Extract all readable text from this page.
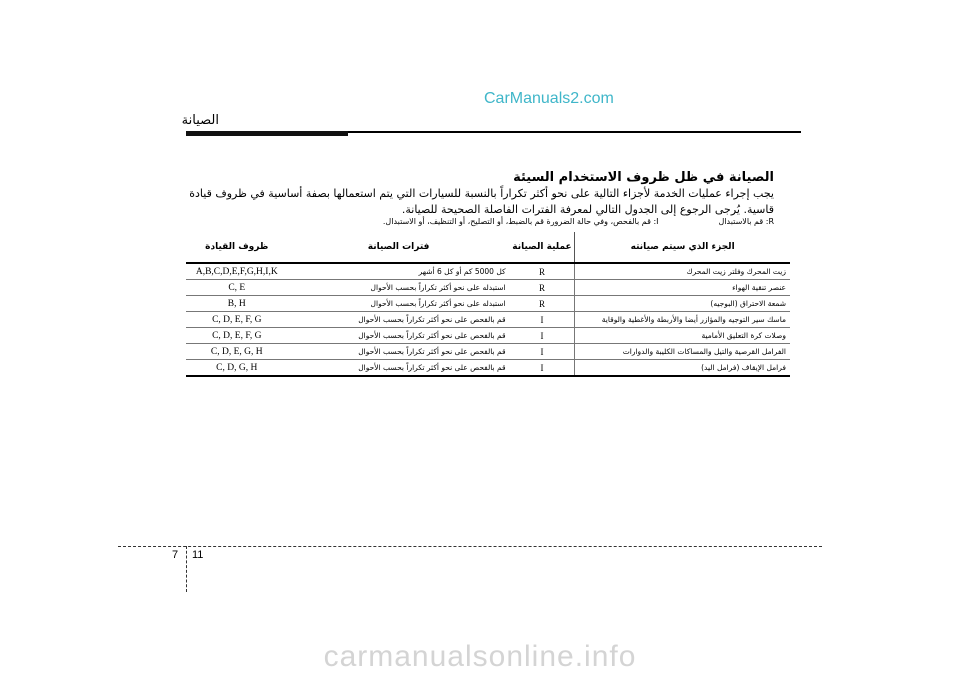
CarManuals2.com
الصيانة
الصيانة في ظل ظروف الاستخدام السيئة
يجب إجراء عمليات الخدمة لأجزاء التالية على نحو أكثر تكراراً بالنسبة للسيارات التي يتم استعمالها بصفة أساسية في ظروف قيادة قاسية. يُرجى الرجوع إلى الجدول التالي لمعرفة الفترات الفاصلة الصحيحة للصيانة.
R: قم بالاستبدالI: قم بالفحص، وفي حالة الضرورة قم بالضبط، أو التصليح، أو التنظيف، أو الاستبدال.
الجزء الذي سيتم صيانته	عملية الصيانة	فترات الصيانة	ظروف القيادة
زيت المحرك وفلتر زيت المحرك	R	كل 5000 كم أو كل 6 أشهر	A,B,C,D,E,F,G,H,I,K
عنصر تنقية الهواء	R	استبدله على نحو أكثر تكراراً بحسب الأحوال	C, E
شمعة الاحتراق (البوجيه)	R	استبدله على نحو أكثر تكراراً بحسب الأحوال	B, H
ماسك سير التوجيه والمؤازر أيضا والأربطة والأغطية والوقاية	I	قم بالفحص على نحو أكثر تكراراً بحسب الأحوال	C, D, E, F, G
وصلات كرة التعليق الأمامية	I	قم بالفحص على نحو أكثر تكراراً بحسب الأحوال	C, D, E, F, G
الفرامل القرصية والتيل والمساكات الكليبة والدوارات	I	قم بالفحص على نحو أكثر تكراراً بحسب الأحوال	C, D, E, G, H
فرامل الإيقاف (فرامل اليد)	I	قم بالفحص على نحو أكثر تكراراً بحسب الأحوال	C, D, G, H
7 11
carmanualsonline.info
